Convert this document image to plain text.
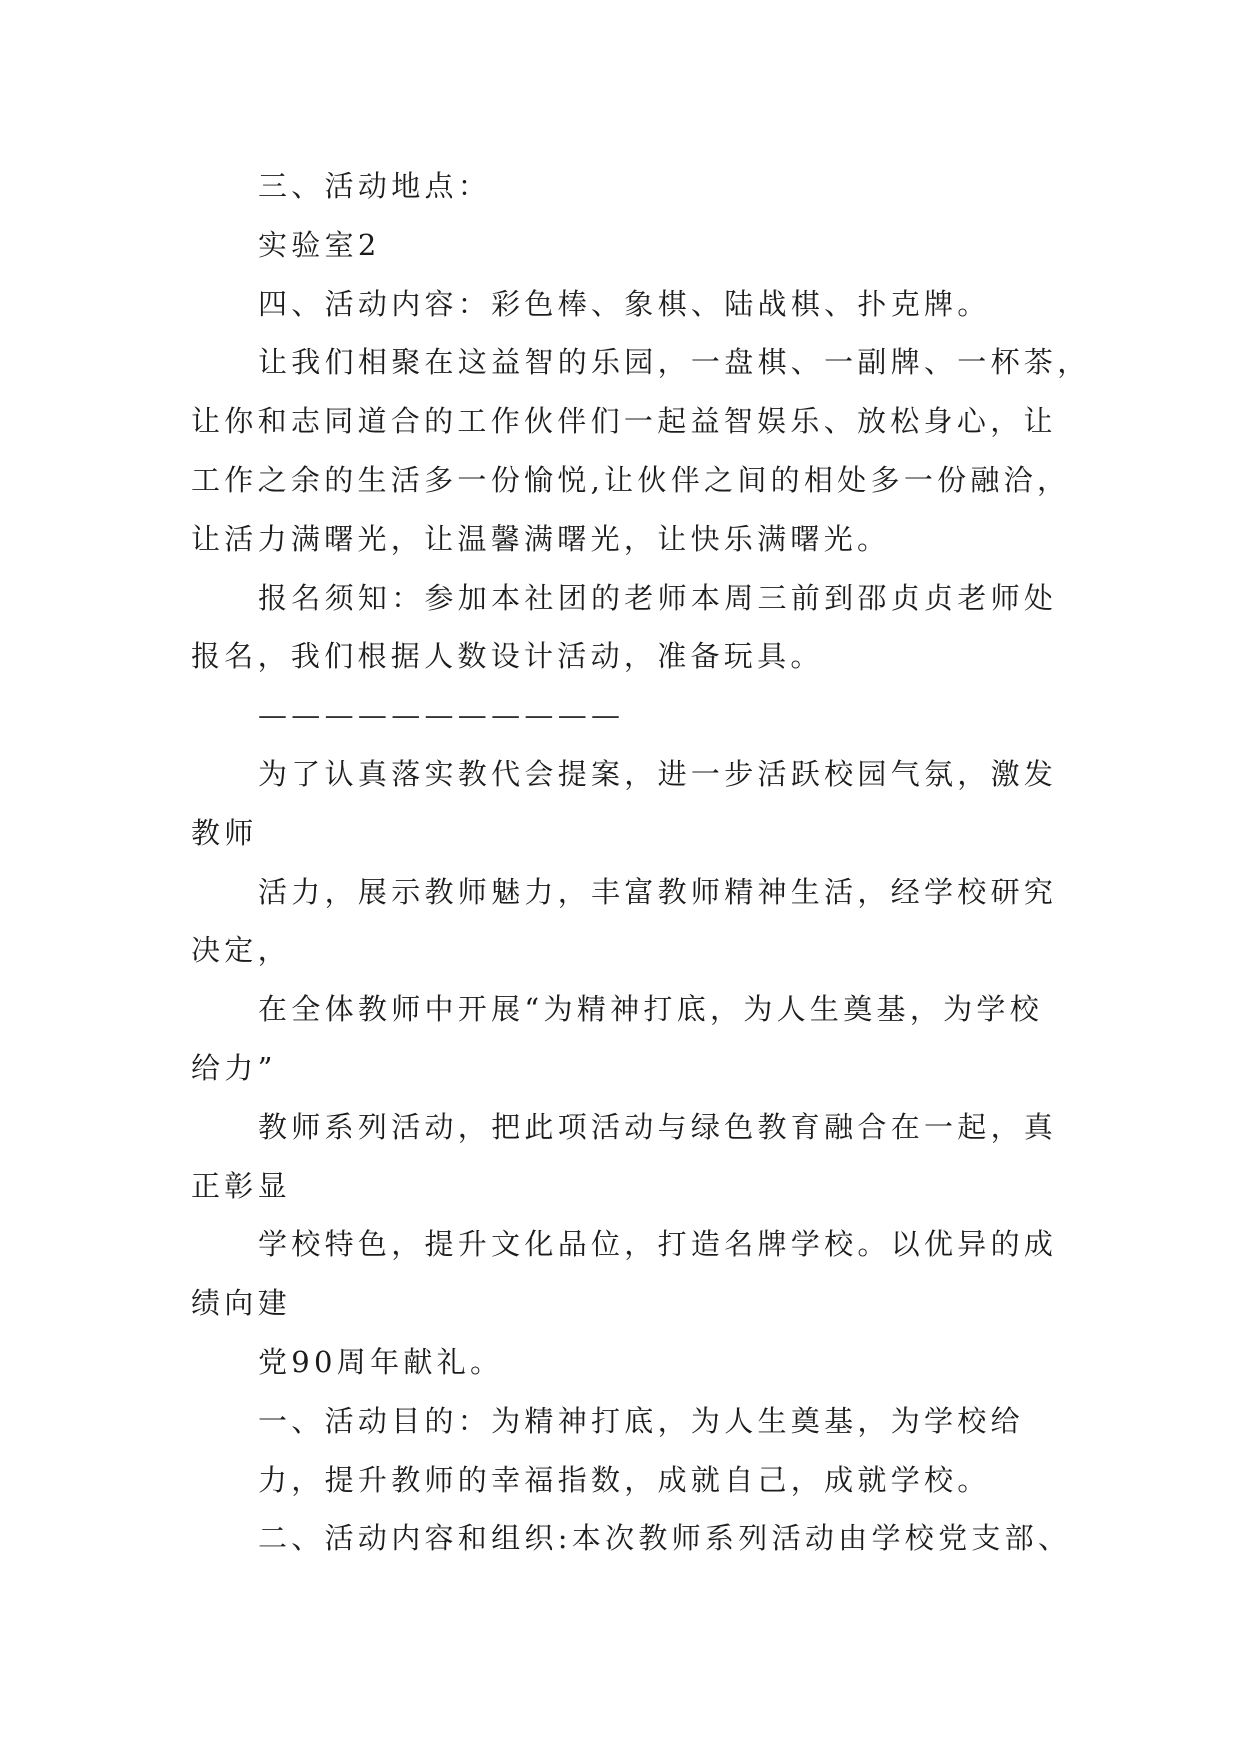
三、活动地点：
实验室2
四、活动内容：彩色棒、象棋、陆战棋、扑克牌。
让我们相聚在这益智的乐园，一盘棋、一副牌、一杯茶，
让你和志同道合的工作伙伴们一起益智娱乐、放松身心，让
工作之余的生活多一份愉悦,让伙伴之间的相处多一份融洽，
让活力满曙光，让温馨满曙光，让快乐满曙光。
报名须知：参加本社团的老师本周三前到邵贞贞老师处
报名，我们根据人数设计活动，准备玩具。
———————————
为了认真落实教代会提案，进一步活跃校园气氛，激发
教师
活力，展示教师魅力，丰富教师精神生活，经学校研究
决定，
在全体教师中开展“为精神打底，为人生奠基，为学校
给力”
教师系列活动，把此项活动与绿色教育融合在一起，真
正彰显
学校特色，提升文化品位，打造名牌学校。以优异的成
绩向建
党90周年献礼。
一、活动目的：为精神打底，为人生奠基，为学校给
力，提升教师的幸福指数，成就自己，成就学校。
二、活动内容和组织:本次教师系列活动由学校党支部、
